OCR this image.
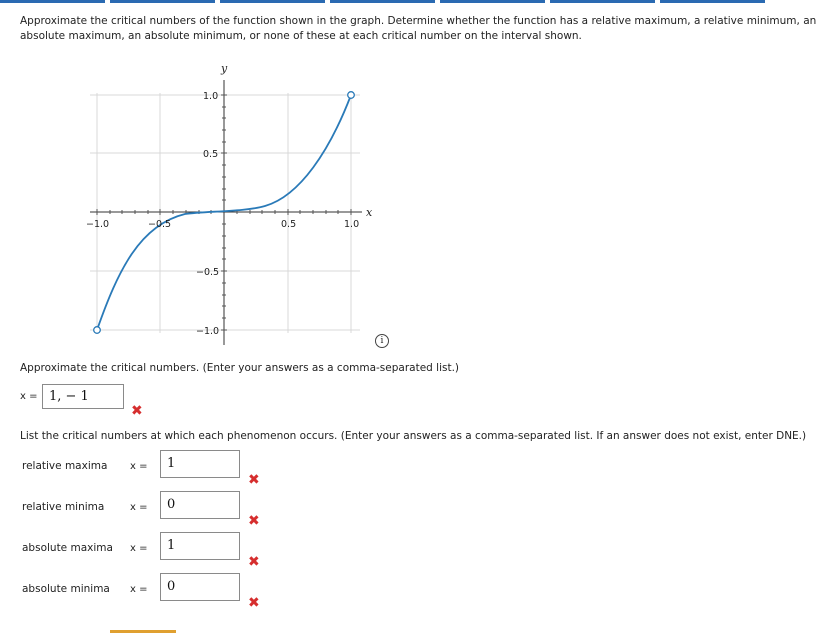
Approximate the critical numbers of the function shown in the graph. Determine whether the function has a relative maximum, a relative minimum, an absolute maximum, an absolute minimum, or none of these at each critical number on the interval shown.
y
x
−1.0	−0.5	0.5	1.0
1.0
0.5
−0.5
−1.0
i
Approximate the critical numbers. (Enter your answers as a comma-separated list.)
x = 1, − 1
✖
List the critical numbers at which each phenomenon occurs. (Enter your answers as a comma-separated list. If an answer does not exist, enter DNE.)
relative maxima x =	1
✖
relative minima	x =	0
✖
absolute maxima x =	1
✖
absolute minima x =	0
✖
